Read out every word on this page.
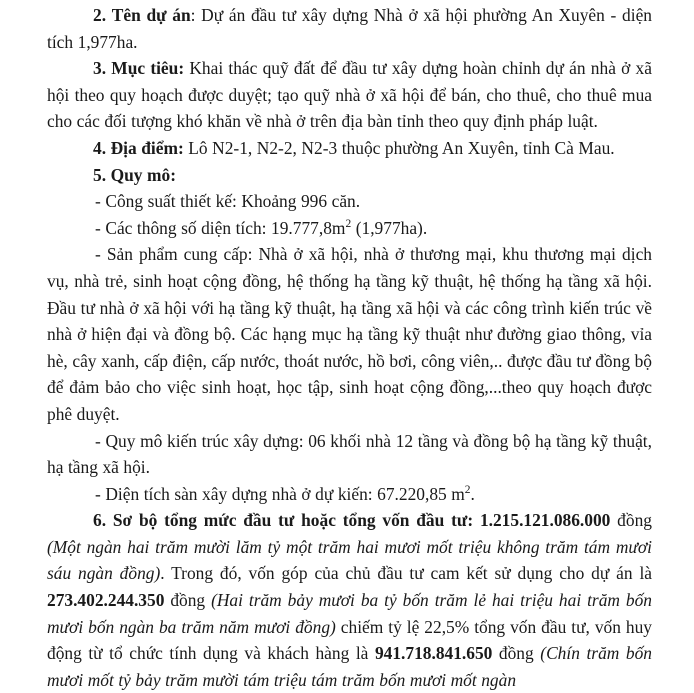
2. Tên dự án: Dự án đầu tư xây dựng Nhà ở xã hội phường An Xuyên - diện tích 1,977ha.

3. Mục tiêu: Khai thác quỹ đất để đầu tư xây dựng hoàn chỉnh dự án nhà ở xã hội theo quy hoạch được duyệt; tạo quỹ nhà ở xã hội để bán, cho thuê, cho thuê mua cho các đối tượng khó khăn về nhà ở trên địa bàn tỉnh theo quy định pháp luật.

4. Địa điểm: Lô N2-1, N2-2, N2-3 thuộc phường An Xuyên, tỉnh Cà Mau.

5. Quy mô:

- Công suất thiết kế: Khoảng 996 căn.

- Các thông số diện tích: $19.777,8m^2$ (1,977ha).

- Sản phẩm cung cấp: Nhà ở xã hội, nhà ở thương mại, khu thương mại dịch vụ, nhà trẻ, sinh hoạt cộng đồng, hệ thống hạ tầng kỹ thuật, hệ thống hạ tầng xã hội. Đầu tư nhà ở xã hội với hạ tầng kỹ thuật, hạ tầng xã hội và các công trình kiến trúc về nhà ở hiện đại và đồng bộ. Các hạng mục hạ tầng kỹ thuật như đường giao thông, vỉa hè, cây xanh, cấp điện, cấp nước, thoát nước, hồ bơi, công viên,.. được đầu tư đồng bộ để đảm bảo cho việc sinh hoạt, học tập, sinh hoạt cộng đồng,...theo quy hoạch được phê duyệt.

- Quy mô kiến trúc xây dựng: 06 khối nhà 12 tầng và đồng bộ hạ tầng kỹ thuật, hạ tầng xã hội.

- Diện tích sàn xây dựng nhà ở dự kiến: 67.220,85 $m^2$.

6. Sơ bộ tổng mức đầu tư hoặc tổng vốn đầu tư: 1.215.121.086.000 đồng (Một ngàn hai trăm mười lăm tỷ một trăm hai mươi mốt triệu không trăm tám mươi sáu ngàn đồng). Trong đó, vốn góp của chủ đầu tư cam kết sử dụng cho dự án là 273.402.244.350 đồng (Hai trăm bảy mươi ba tỷ bốn trăm lẻ hai triệu hai trăm bốn mươi bốn ngàn ba trăm năm mươi đồng) chiếm tỷ lệ 22,5% tổng vốn đầu tư, vốn huy động từ tổ chức tính dụng và khách hàng là 941.718.841.650 đồng (Chín trăm bốn mươi mốt tỷ bảy trăm mười tám triệu tám trăm bốn mươi mốt ngàn
